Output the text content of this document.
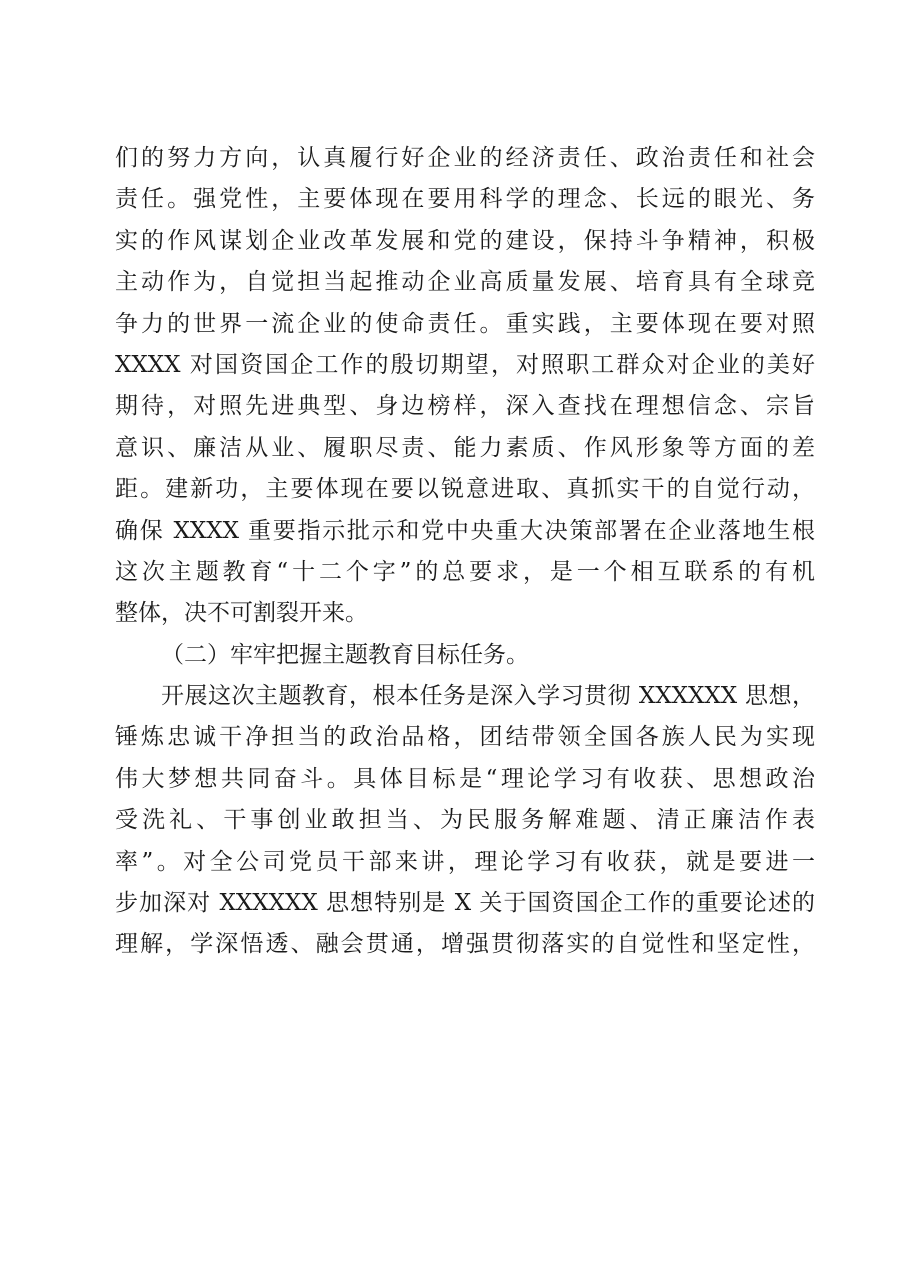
们的努力方向，认真履行好企业的经济责任、政治责任和社会
责任。强党性，主要体现在要用科学的理念、长远的眼光、务
实的作风谋划企业改革发展和党的建设，保持斗争精神，积极
主动作为，自觉担当起推动企业高质量发展、培育具有全球竞
争力的世界一流企业的使命责任。重实践，主要体现在要对照
XXXX 对国资国企工作的殷切期望，对照职工群众对企业的美好
期待，对照先进典型、身边榜样，深入查找在理想信念、宗旨
意识、廉洁从业、履职尽责、能力素质、作风形象等方面的差
距。建新功，主要体现在要以锐意进取、真抓实干的自觉行动，
确保 XXXX 重要指示批示和党中央重大决策部署在企业落地生根
这次主题教育“十二个字”的总要求，是一个相互联系的有机
整体，决不可割裂开来。
（二）牢牢把握主题教育目标任务。
开展这次主题教育，根本任务是深入学习贯彻 XXXXXX 思想，
锤炼忠诚干净担当的政治品格，团结带领全国各族人民为实现
伟大梦想共同奋斗。具体目标是“理论学习有收获、思想政治
受洗礼、干事创业敢担当、为民服务解难题、清正廉洁作表
率”。对全公司党员干部来讲，理论学习有收获，就是要进一
步加深对 XXXXXX 思想特别是 X 关于国资国企工作的重要论述的
理解，学深悟透、融会贯通，增强贯彻落实的自觉性和坚定性，
